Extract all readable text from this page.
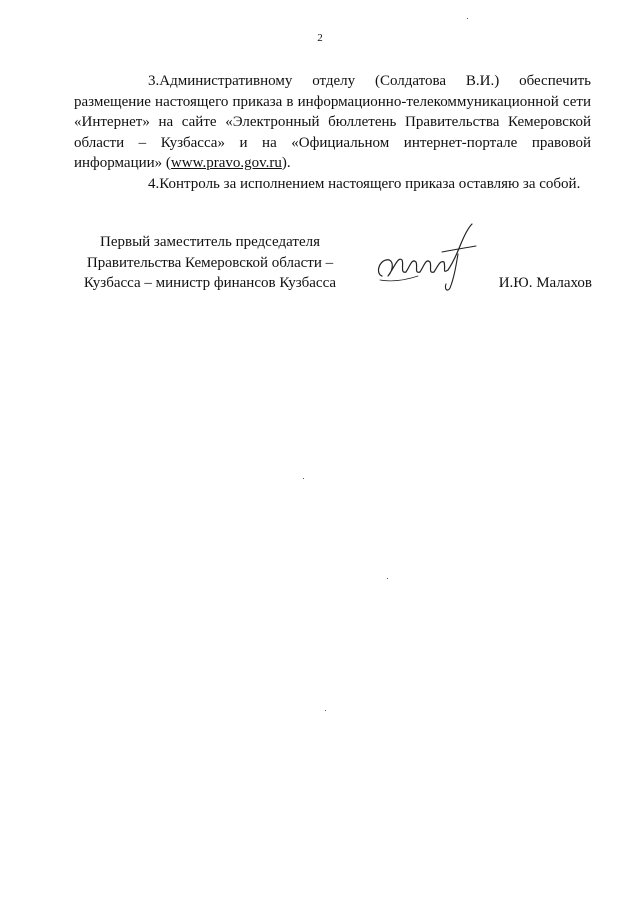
2

3.Административному отделу (Солдатова В.И.) обеспечить размещение настоящего приказа в информационно-телекоммуникационной сети «Интернет» на сайте «Электронный бюллетень Правительства Кемеровской области – Кузбасса» и на «Официальном интернет-портале правовой информации» (www.pravo.gov.ru).

4.Контроль за исполнением настоящего приказа оставляю за собой.

Первый заместитель председателя
Правительства Кемеровской области –
Кузбасса – министр финансов Кузбасса	И.Ю. Малахов
